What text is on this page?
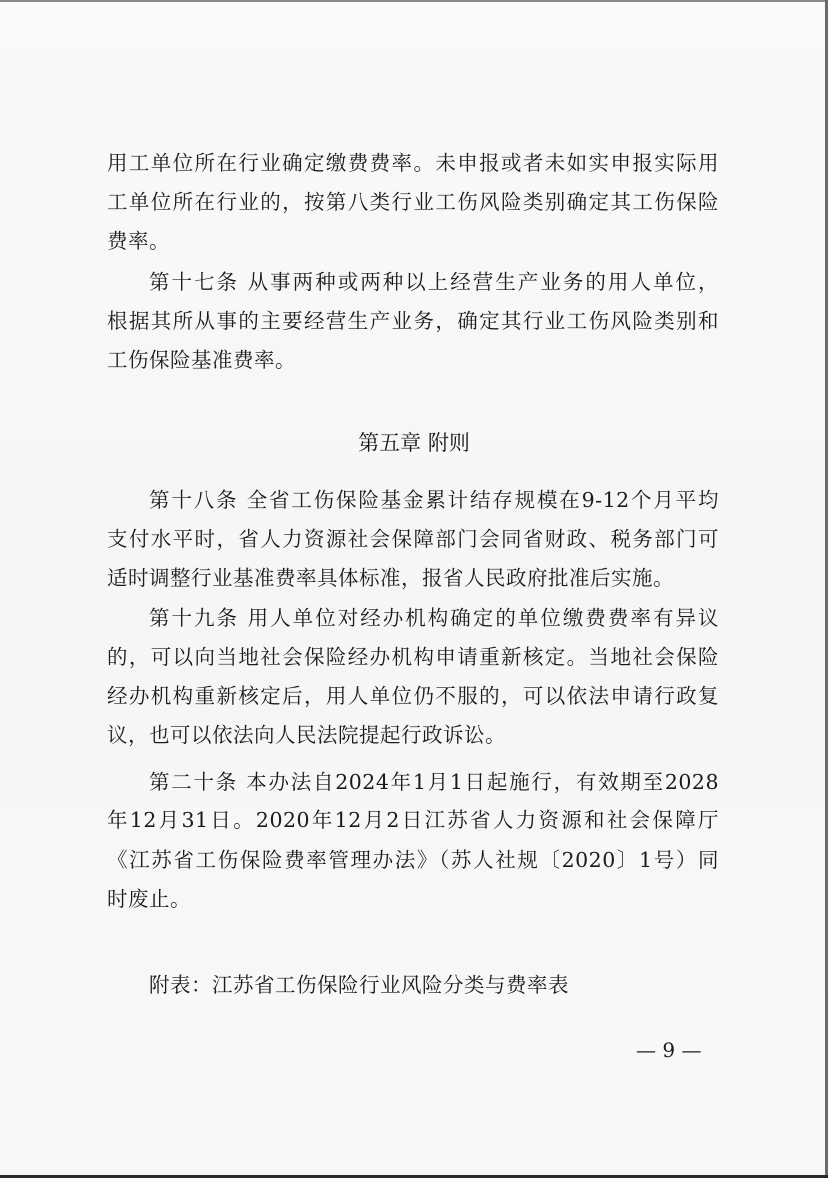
用工单位所在行业确定缴费费率。未申报或者未如实申报实际用
工单位所在行业的，按第八类行业工伤风险类别确定其工伤保险
费率。
第十七条 从事两种或两种以上经营生产业务的用人单位，
根据其所从事的主要经营生产业务，确定其行业工伤风险类别和
工伤保险基准费率。
第五章 附则
第十八条 全省工伤保险基金累计结存规模在9-12个月平均
支付水平时，省人力资源社会保障部门会同省财政、税务部门可
适时调整行业基准费率具体标准，报省人民政府批准后实施。
第十九条 用人单位对经办机构确定的单位缴费费率有异议
的，可以向当地社会保险经办机构申请重新核定。当地社会保险
经办机构重新核定后，用人单位仍不服的，可以依法申请行政复
议，也可以依法向人民法院提起行政诉讼。
第二十条 本办法自2024年1月1日起施行，有效期至2028
年12月31日。2020年12月2日江苏省人力资源和社会保障厅
《江苏省工伤保险费率管理办法》（苏人社规〔2020〕1号）同
时废止。
附表：江苏省工伤保险行业风险分类与费率表
— 9 —
